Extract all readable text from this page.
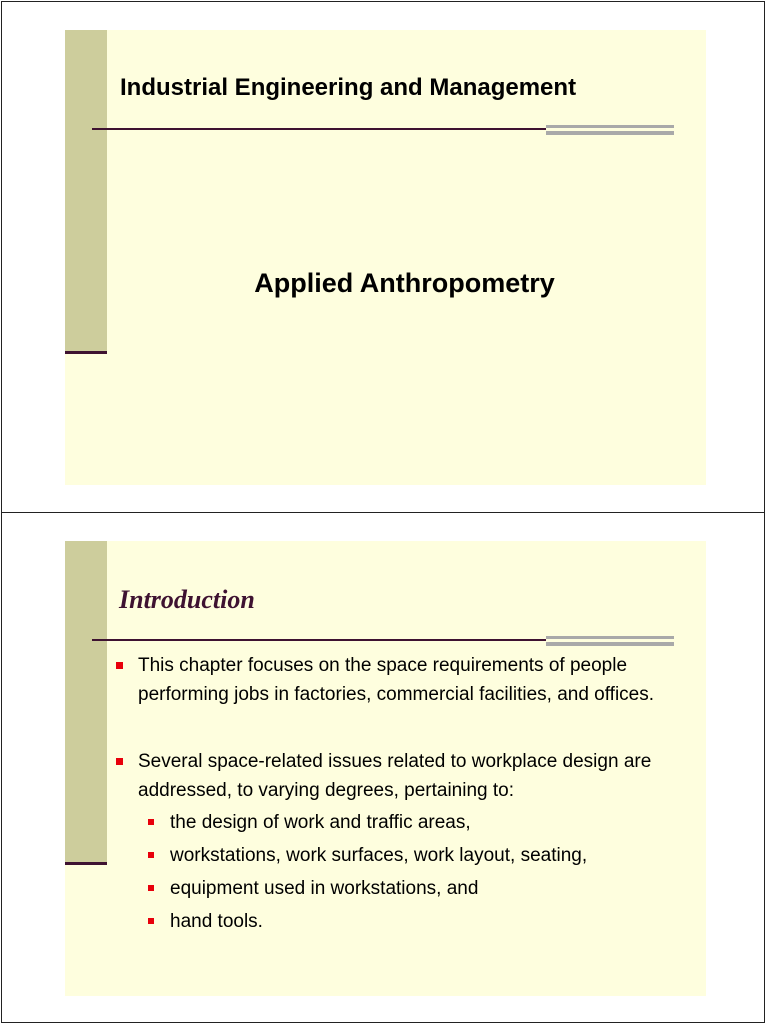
Industrial Engineering and Management
Applied Anthropometry
Introduction
This chapter focuses on the space requirements of people performing jobs in factories, commercial facilities, and offices.
Several space-related issues related to workplace design are addressed, to varying degrees, pertaining to:
the design of work and traffic areas,
workstations, work surfaces, work layout, seating,
equipment used in workstations, and
hand tools.
